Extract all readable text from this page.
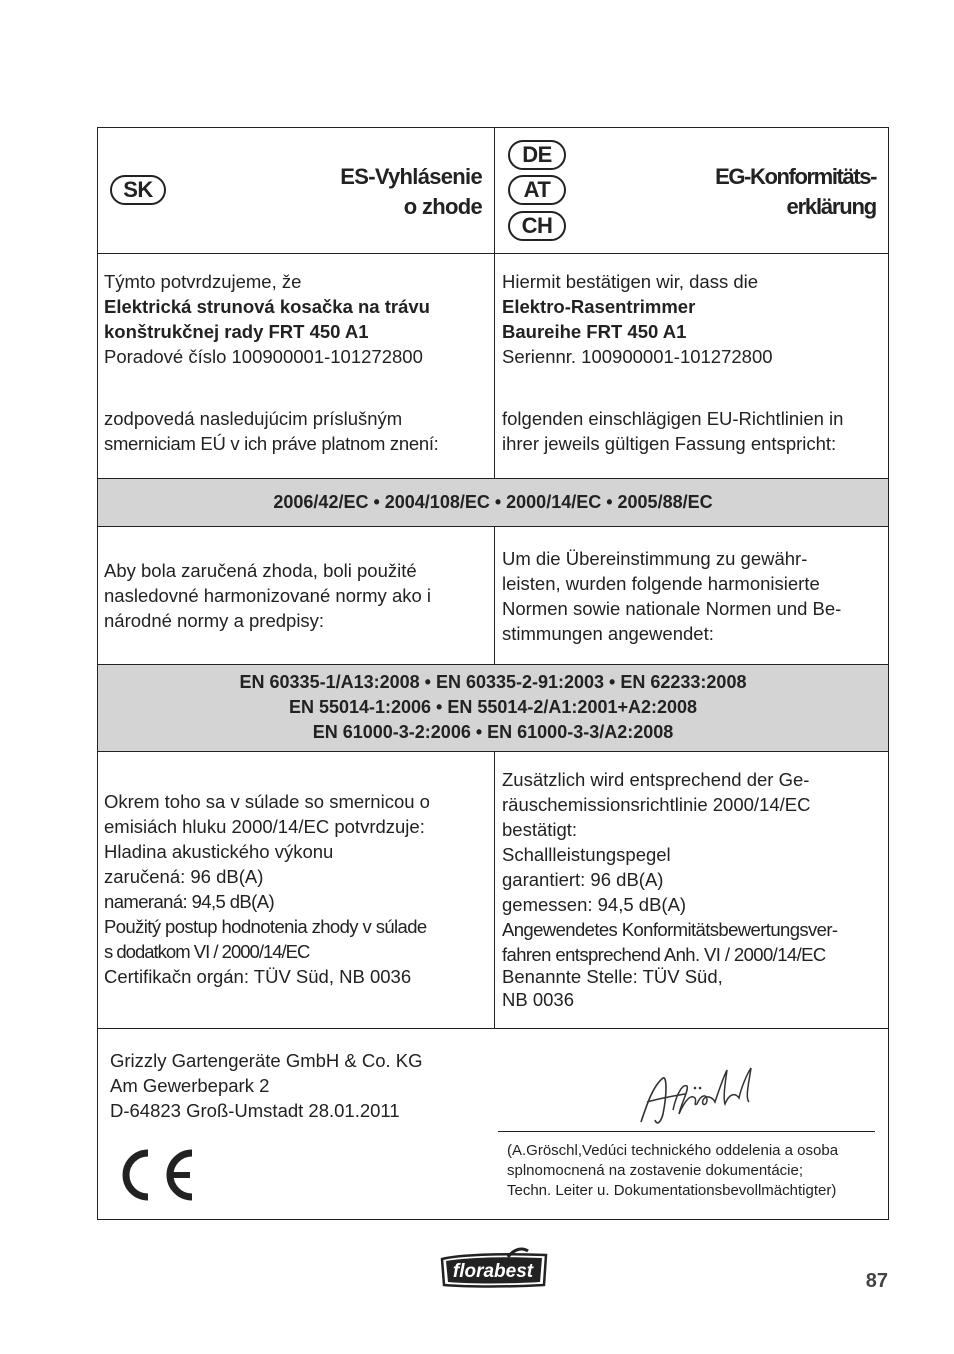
SK
ES-Vyhlásenie
o zhode
DE
AT
CH
EG-Konformitäts-
erklärung
Týmto potvrdzujeme, že
Elektrická strunová kosačka na trávu
konštrukčnej rady FRT 450 A1
Poradové číslo 100900001-101272800
zodpovedá nasledujúcim príslušným
smerniciam EÚ v ich práve platnom znení:
Hiermit bestätigen wir, dass die
Elektro-Rasentrimmer
Baureihe FRT 450 A1
Seriennr. 100900001-101272800
folgenden einschlägigen EU-Richtlinien in
ihrer jeweils gültigen Fassung entspricht:
2006/42/EC • 2004/108/EC • 2000/14/EC • 2005/88/EC
Aby bola zaručená zhoda, boli použité
nasledovné harmonizované normy ako i
národné normy a predpisy:
Um die Übereinstimmung zu gewähr-
leisten, wurden folgende harmonisierte
Normen sowie nationale Normen und Be-
stimmungen angewendet:
EN 60335-1/A13:2008 • EN 60335-2-91:2003 • EN 62233:2008
EN 55014-1:2006 • EN 55014-2/A1:2001+A2:2008
EN 61000-3-2:2006 • EN 61000-3-3/A2:2008
Okrem toho sa v súlade so smernicou o
emisiách hluku 2000/14/EC potvrdzuje:
Hladina akustického výkonu
zaručená: 96 dB(A)
nameraná: 94,5 dB(A)
Použitý postup hodnotenia zhody v súlade
s dodatkom VI / 2000/14/EC
Certifikačn orgán: TÜV Süd, NB 0036
Zusätzlich wird entsprechend der Ge-
räuschemissionsrichtlinie 2000/14/EC
bestätigt:
Schallleistungspegel
garantiert: 96 dB(A)
gemessen: 94,5 dB(A)
Angewendetes Konformitätsbewertungsver-
fahren entsprechend Anh. VI / 2000/14/EC
Benannte Stelle: TÜV Süd,
NB 0036
Grizzly Gartengeräte GmbH & Co. KG
Am Gewerbepark 2
D-64823 Groß-Umstadt 28.01.2011
(A.Gröschl,Vedúci technického oddelenia a osoba
splnomocnená na zostavenie dokumentácie;
Techn. Leiter u. Dokumentationsbevollmächtigter)
florabest	87
